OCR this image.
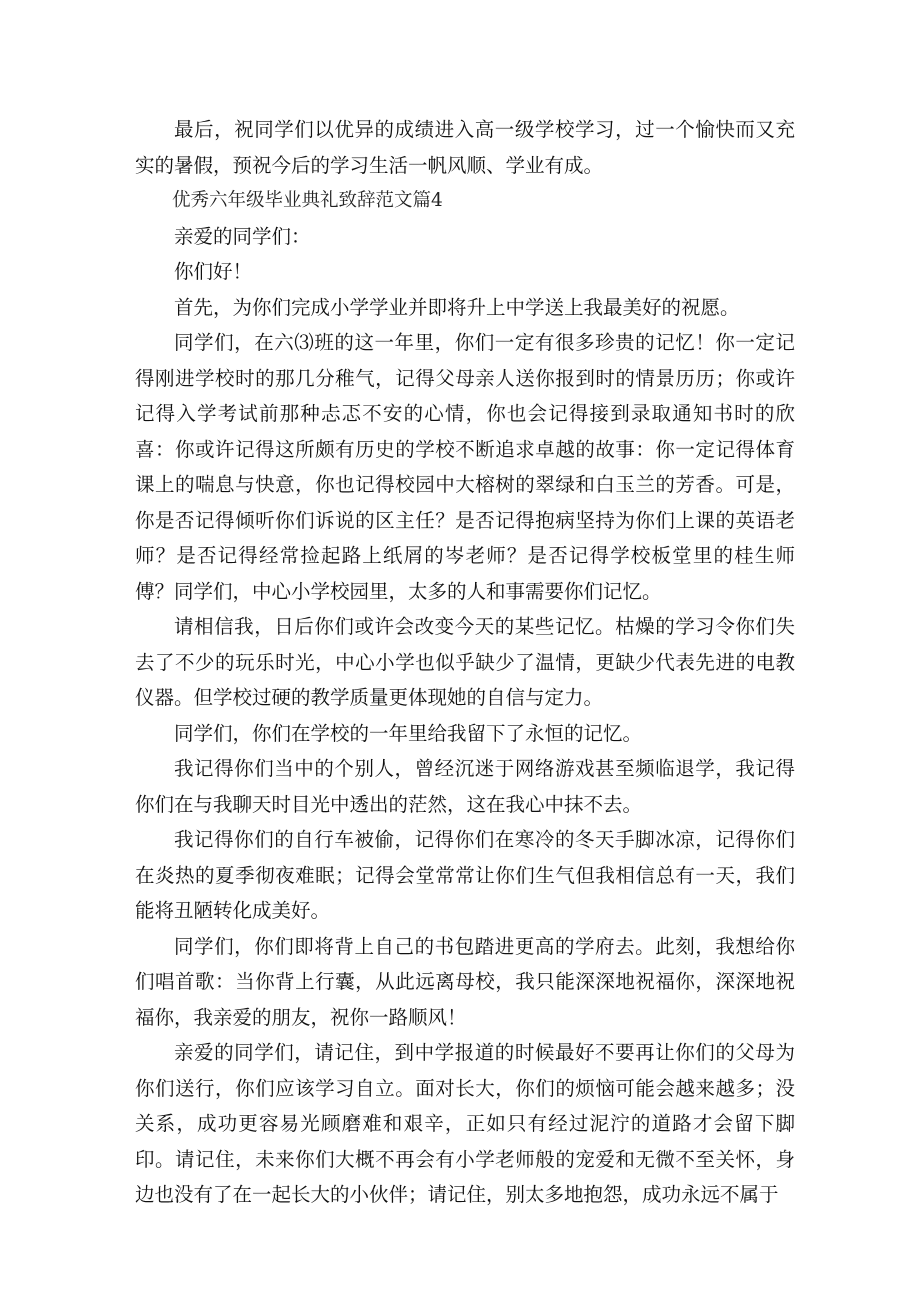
最后，祝同学们以优异的成绩进入高一级学校学习，过一个愉快而又充实的暑假，预祝今后的学习生活一帆风顺、学业有成。

优秀六年级毕业典礼致辞范文篇4

亲爱的同学们：

你们好！

首先，为你们完成小学学业并即将升上中学送上我最美好的祝愿。

同学们，在六⑶班的这一年里，你们一定有很多珍贵的记忆！你一定记得刚进学校时的那几分稚气，记得父母亲人送你报到时的情景历历；你或许记得入学考试前那种忐忑不安的心情，你也会记得接到录取通知书时的欣喜：你或许记得这所颇有历史的学校不断追求卓越的故事：你一定记得体育课上的喘息与快意，你也记得校园中大榕树的翠绿和白玉兰的芳香。可是，你是否记得倾听你们诉说的区主任？是否记得抱病坚持为你们上课的英语老师？是否记得经常捡起路上纸屑的岑老师？是否记得学校板堂里的桂生师傅？同学们，中心小学校园里，太多的人和事需要你们记忆。

请相信我，日后你们或许会改变今天的某些记忆。枯燥的学习令你们失去了不少的玩乐时光，中心小学也似乎缺少了温情，更缺少代表先进的电教仪器。但学校过硬的教学质量更体现她的自信与定力。

同学们，你们在学校的一年里给我留下了永恒的记忆。

我记得你们当中的个别人，曾经沉迷于网络游戏甚至频临退学，我记得你们在与我聊天时目光中透出的茫然，这在我心中抹不去。

我记得你们的自行车被偷，记得你们在寒冷的冬天手脚冰凉，记得你们在炎热的夏季彻夜难眠；记得会堂常常让你们生气但我相信总有一天，我们能将丑陋转化成美好。

同学们，你们即将背上自己的书包踏进更高的学府去。此刻，我想给你们唱首歌：当你背上行囊，从此远离母校，我只能深深地祝福你，深深地祝福你，我亲爱的朋友，祝你一路顺风！

亲爱的同学们，请记住，到中学报道的时候最好不要再让你们的父母为你们送行，你们应该学习自立。面对长大，你们的烦恼可能会越来越多；没关系，成功更容易光顾磨难和艰辛，正如只有经过泥泞的道路才会留下脚印。请记住，未来你们大概不再会有小学老师般的宠爱和无微不至关怀，身边也没有了在一起长大的小伙伴；请记住，别太多地抱怨，成功永远不属于
